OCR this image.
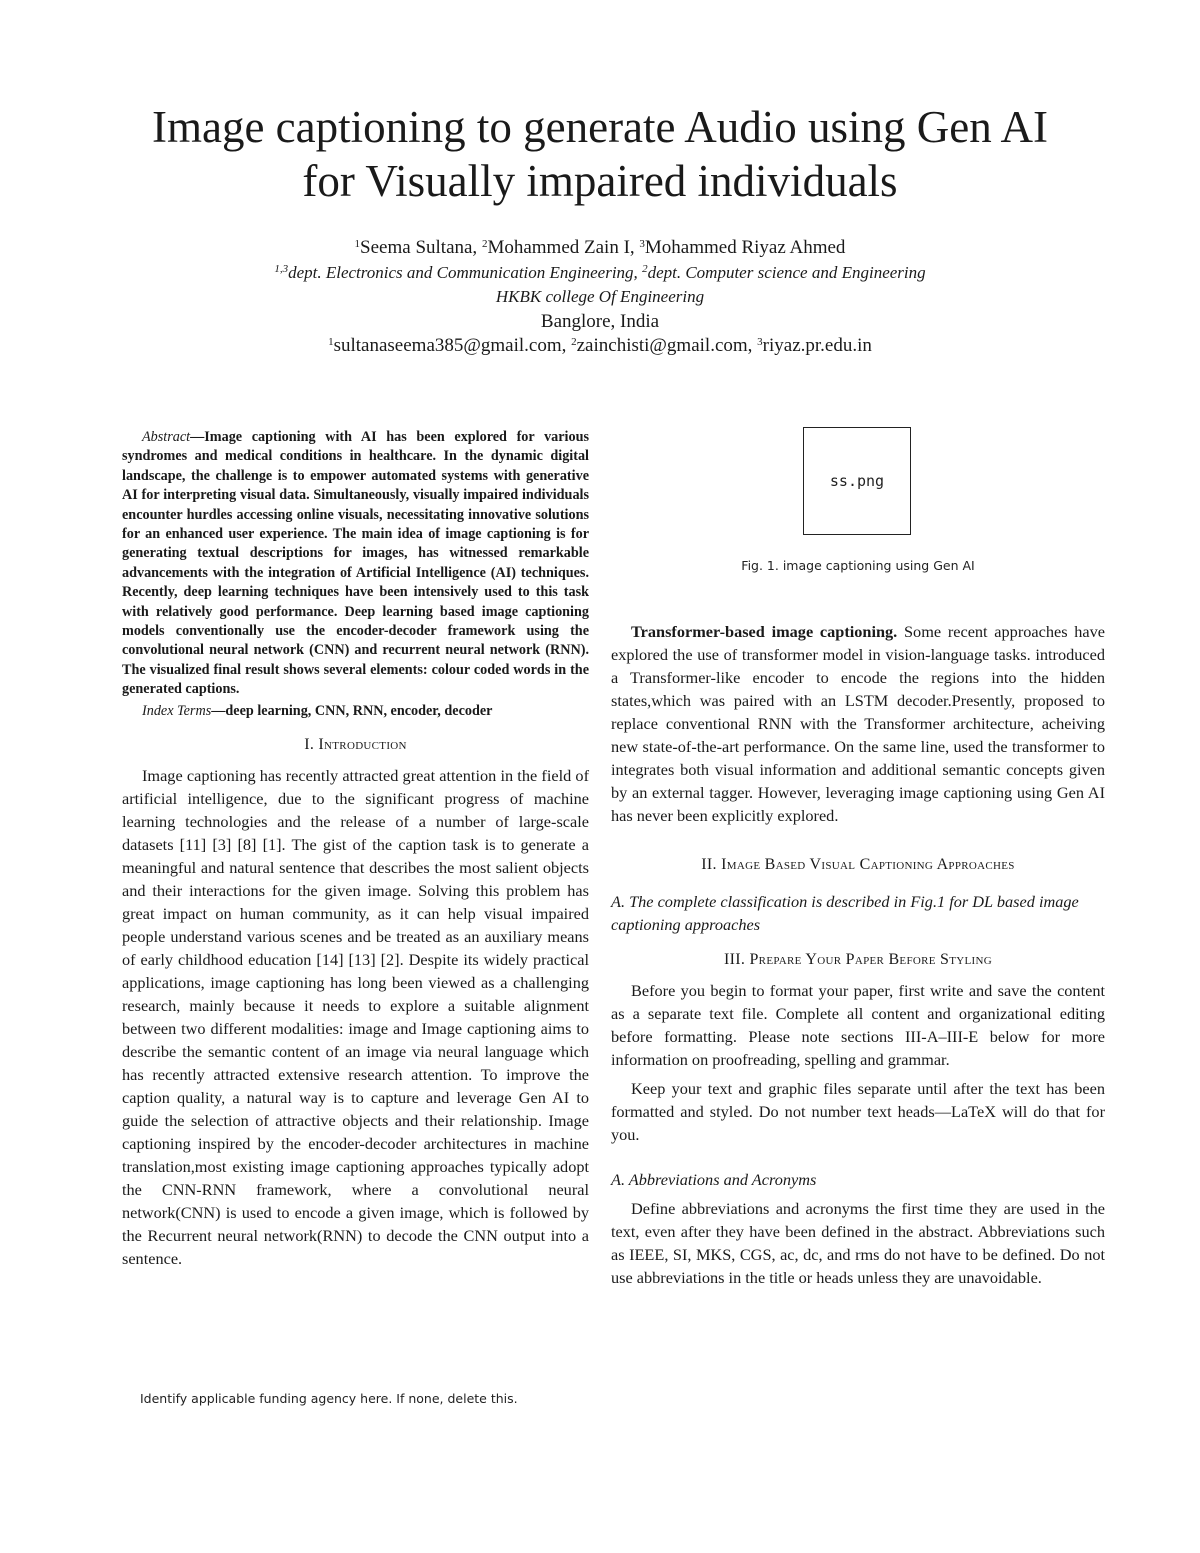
Image captioning to generate Audio using Gen AI
for Visually impaired individuals
$^1$Seema Sultana, $^2$Mohammed Zain I, $^3$Mohammed Riyaz Ahmed
$^{1,3}$dept. Electronics and Communication Engineering, $^2$dept. Computer science and Engineering
HKBK college Of Engineering
Banglore, India
$^1$sultanaseema385@gmail.com, $^2$zainchisti@gmail.com, $^3$riyaz.pr.edu.in

Abstract—Image captioning with AI has been explored for various syndromes and medical conditions in healthcare. In the dynamic digital landscape, the challenge is to empower automated systems with generative AI for interpreting visual data. Simultaneously, visually impaired individuals encounter hurdles accessing online visuals, necessitating innovative solutions for an enhanced user experience. The main idea of image captioning is for generating textual descriptions for images, has witnessed remarkable advancements with the integration of Artificial Intelligence (AI) techniques. Recently, deep learning techniques have been intensively used to this task with relatively good performance. Deep learning based image captioning models conventionally use the encoder-decoder framework using the convolutional neural network (CNN) and recurrent neural network (RNN). The visualized final result shows several elements: colour coded words in the generated captions.

Index Terms—deep learning, CNN, RNN, encoder, decoder

I. Introduction

Image captioning has recently attracted great attention in the field of artificial intelligence, due to the significant progress of machine learning technologies and the release of a number of large-scale datasets [11] [3] [8] [1]. The gist of the caption task is to generate a meaningful and natural sentence that describes the most salient objects and their interactions for the given image. Solving this problem has great impact on human community, as it can help visual impaired people understand various scenes and be treated as an auxiliary means of early childhood education [14] [13] [2]. Despite its widely practical applications, image captioning has long been viewed as a challenging research, mainly because it needs to explore a suitable alignment between two different modalities: image and Image captioning aims to describe the semantic content of an image via neural language which has recently attracted extensive research attention. To improve the caption quality, a natural way is to capture and leverage Gen AI to guide the selection of attractive objects and their relationship. Image captioning inspired by the encoder-decoder architectures in machine translation,most existing image captioning approaches typically adopt the CNN-RNN framework, where a convolutional neural network(CNN) is used to encode a given image, which is followed by the Recurrent neural network(RNN) to decode the CNN output into a sentence.

Identify applicable funding agency here. If none, delete this.
ss.png
Fig. 1. image captioning using Gen AI

Transformer-based image captioning. Some recent approaches have explored the use of transformer model in vision-language tasks. introduced a Transformer-like encoder to encode the regions into the hidden states,which was paired with an LSTM decoder.Presently, proposed to replace conventional RNN with the Transformer architecture, acheiving new state-of-the-art performance. On the same line, used the transformer to integrates both visual information and additional semantic concepts given by an external tagger. However, leveraging image captioning using Gen AI has never been explicitly explored.

II. Image Based Visual Captioning Approaches

A. The complete classification is described in Fig.1 for DL based image captioning approaches

III. Prepare Your Paper Before Styling

Before you begin to format your paper, first write and save the content as a separate text file. Complete all content and organizational editing before formatting. Please note sections III-A–III-E below for more information on proofreading, spelling and grammar.

Keep your text and graphic files separate until after the text has been formatted and styled. Do not number text heads—LaTeX will do that for you.

A. Abbreviations and Acronyms

Define abbreviations and acronyms the first time they are used in the text, even after they have been defined in the abstract. Abbreviations such as IEEE, SI, MKS, CGS, ac, dc, and rms do not have to be defined. Do not use abbreviations in the title or heads unless they are unavoidable.
